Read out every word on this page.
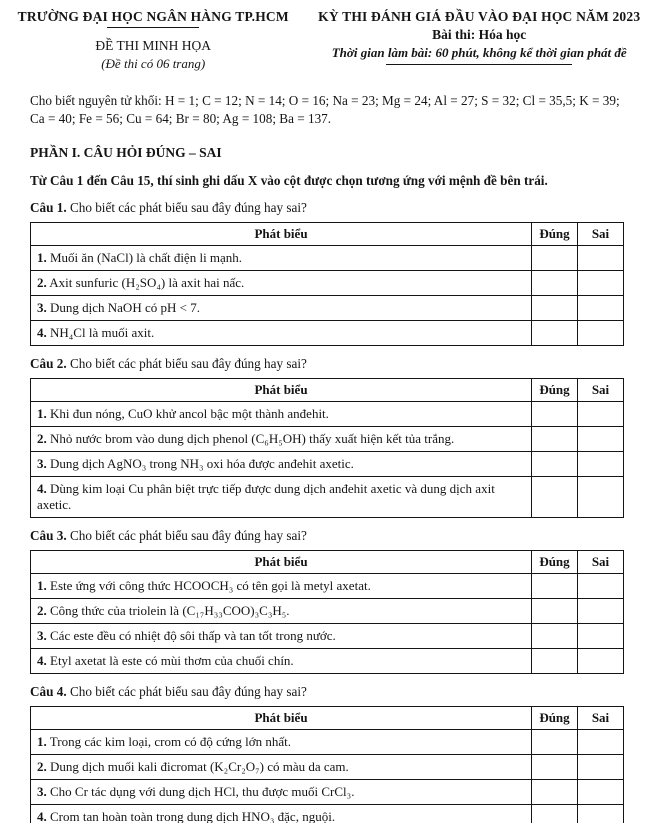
TRƯỜNG ĐẠI HỌC NGÂN HÀNG TP.HCM
ĐỀ THI MINH HỌA
(Đề thi có 06 trang)
KỲ THI ĐÁNH GIÁ ĐẦU VÀO ĐẠI HỌC NĂM 2023
Bài thi: Hóa học
Thời gian làm bài: 60 phút, không kể thời gian phát đề

Cho biết nguyên tử khối: H = 1; C = 12; N = 14; O = 16; Na = 23; Mg = 24; Al = 27; S = 32; Cl = 35,5; K = 39; Ca = 40; Fe = 56; Cu = 64; Br = 80; Ag = 108; Ba = 137.

PHẦN I. CÂU HỎI ĐÚNG – SAI

Từ Câu 1 đến Câu 15, thí sinh ghi dấu X vào cột được chọn tương ứng với mệnh đề bên trái.

Câu 1. Cho biết các phát biểu sau đây đúng hay sai?

Phát biểu	Đúng	Sai
1. Muối ăn (NaCl) là chất điện li mạnh.		
2. Axit sunfuric (H₂SO₄) là axit hai nấc.		
3. Dung dịch NaOH có pH < 7.		
4. NH₄Cl là muối axit.		

Câu 2. Cho biết các phát biểu sau đây đúng hay sai?

Phát biểu	Đúng	Sai
1. Khi đun nóng, CuO khử ancol bậc một thành anđehit.		
2. Nhỏ nước brom vào dung dịch phenol (C₆H₅OH) thấy xuất hiện kết tủa trắng.		
3. Dung dịch AgNO₃ trong NH₃ oxi hóa được anđehit axetic.		
4. Dùng kim loại Cu phân biệt trực tiếp được dung dịch anđehit axetic và dung dịch axit axetic.		

Câu 3. Cho biết các phát biểu sau đây đúng hay sai?

Phát biểu	Đúng	Sai
1. Este ứng với công thức HCOOCH₃ có tên gọi là metyl axetat.		
2. Công thức của triolein là (C₁₇H₃₃COO)₃C₃H₅.		
3. Các este đều có nhiệt độ sôi thấp và tan tốt trong nước.		
4. Etyl axetat là este có mùi thơm của chuối chín.		

Câu 4. Cho biết các phát biểu sau đây đúng hay sai?

Phát biểu	Đúng	Sai
1. Trong các kim loại, crom có độ cứng lớn nhất.		
2. Dung dịch muối kali đicromat (K₂Cr₂O₇) có màu da cam.		
3. Cho Cr tác dụng với dung dịch HCl, thu được muối CrCl₃.		
4. Crom tan hoàn toàn trong dung dịch HNO₃ đặc, nguội.		
